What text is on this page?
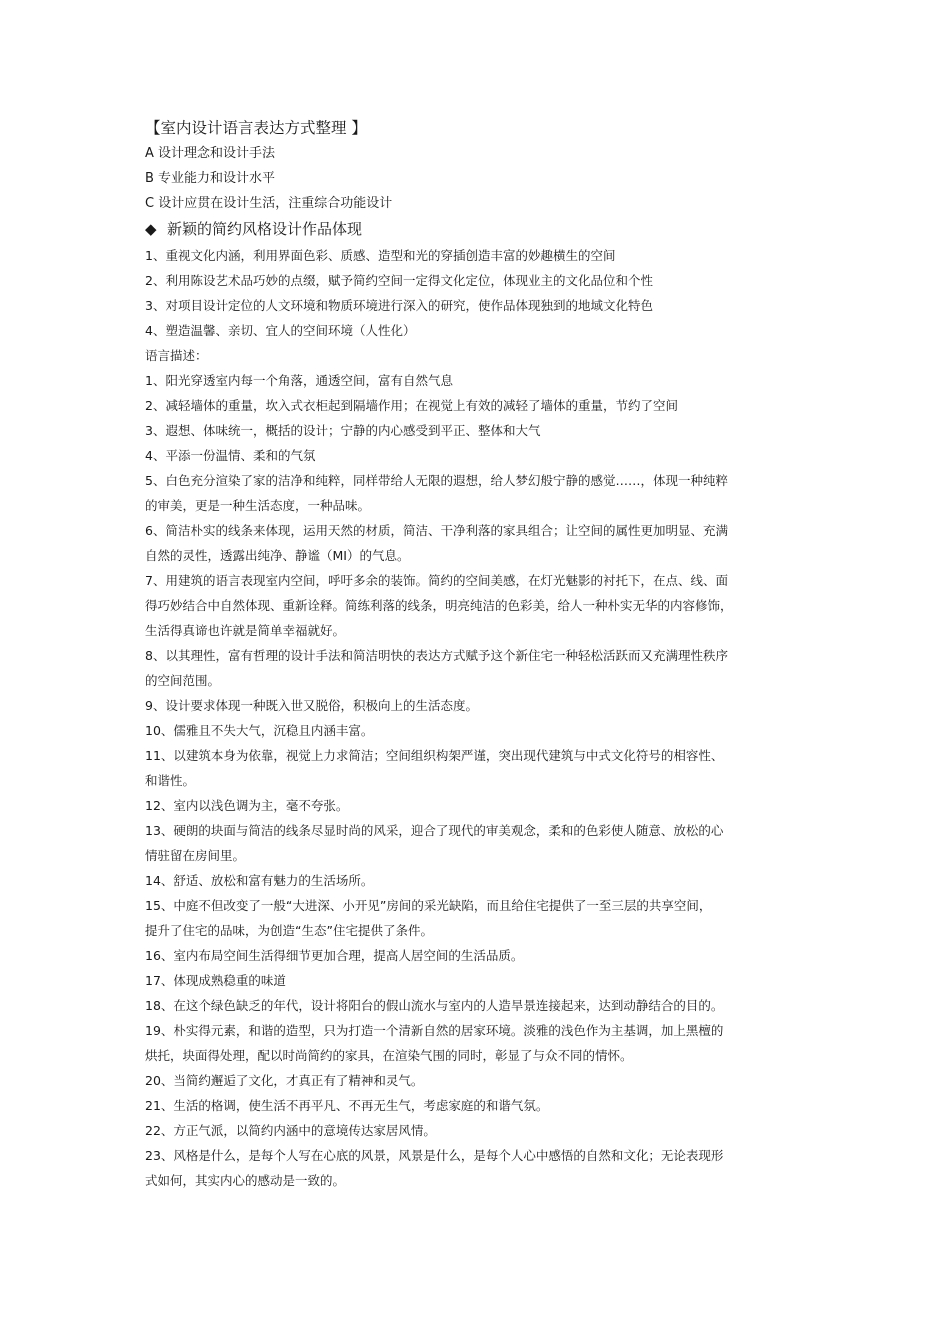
【室内设计语言表达方式整理 】
A 设计理念和设计手法
B 专业能力和设计水平
C 设计应贯在设计生活，注重综合功能设计
◆ 新颖的简约风格设计作品体现
1、重视文化内涵，利用界面色彩、质感、造型和光的穿插创造丰富的妙趣横生的空间
2、利用陈设艺术品巧妙的点缀，赋予简约空间一定得文化定位，体现业主的文化品位和个性
3、对项目设计定位的人文环境和物质环境进行深入的研究，使作品体现独到的地域文化特色
4、塑造温馨、亲切、宜人的空间环境（人性化）
语言描述：
1、阳光穿透室内每一个角落，通透空间，富有自然气息
2、减轻墙体的重量，坎入式衣柜起到隔墙作用；在视觉上有效的减轻了墙体的重量，节约了空间
3、遐想、体味统一，概括的设计；宁静的内心感受到平正、整体和大气
4、平添一份温情、柔和的气氛
5、白色充分渲染了家的洁净和纯粹，同样带给人无限的遐想，给人梦幻般宁静的感觉……，体现一种纯粹
的审美，更是一种生活态度，一种品味。
6、简洁朴实的线条来体现，运用天然的材质，简洁、干净利落的家具组合；让空间的属性更加明显、充满
自然的灵性，透露出纯净、静谧（MI）的气息。
7、用建筑的语言表现室内空间，呼吁多余的装饰。简约的空间美感，在灯光魅影的衬托下，在点、线、面
得巧妙结合中自然体现、重新诠释。简练利落的线条，明亮纯洁的色彩美，给人一种朴实无华的内容修饰，
生活得真谛也许就是简单幸福就好。
8、以其理性，富有哲理的设计手法和简洁明快的表达方式赋予这个新住宅一种轻松活跃而又充满理性秩序
的空间范围。
9、设计要求体现一种既入世又脱俗，积极向上的生活态度。
10、儒雅且不失大气，沉稳且内涵丰富。
11、以建筑本身为依靠，视觉上力求简洁；空间组织构架严谨，突出现代建筑与中式文化符号的相容性、
和谐性。
12、室内以浅色调为主，毫不夸张。
13、硬朗的块面与简洁的线条尽显时尚的风采，迎合了现代的审美观念，柔和的色彩使人随意、放松的心
情驻留在房间里。
14、舒适、放松和富有魅力的生活场所。
15、中庭不但改变了一般“大进深、小开见”房间的采光缺陷，而且给住宅提供了一至三层的共享空间，
提升了住宅的品味，为创造“生态”住宅提供了条件。
16、室内布局空间生活得细节更加合理，提高人居空间的生活品质。
17、体现成熟稳重的味道
18、在这个绿色缺乏的年代，设计将阳台的假山流水与室内的人造旱景连接起来，达到动静结合的目的。
19、朴实得元素，和谐的造型，只为打造一个清新自然的居家环境。淡雅的浅色作为主基调，加上黑檀的
烘托，块面得处理，配以时尚简约的家具，在渲染气围的同时，彰显了与众不同的情怀。
20、当简约邂逅了文化，才真正有了精神和灵气。
21、生活的格调，使生活不再平凡、不再无生气，考虑家庭的和谐气氛。
22、方正气派，以简约内涵中的意境传达家居风情。
23、风格是什么，是每个人写在心底的风景，风景是什么，是每个人心中感悟的自然和文化；无论表现形
式如何，其实内心的感动是一致的。
